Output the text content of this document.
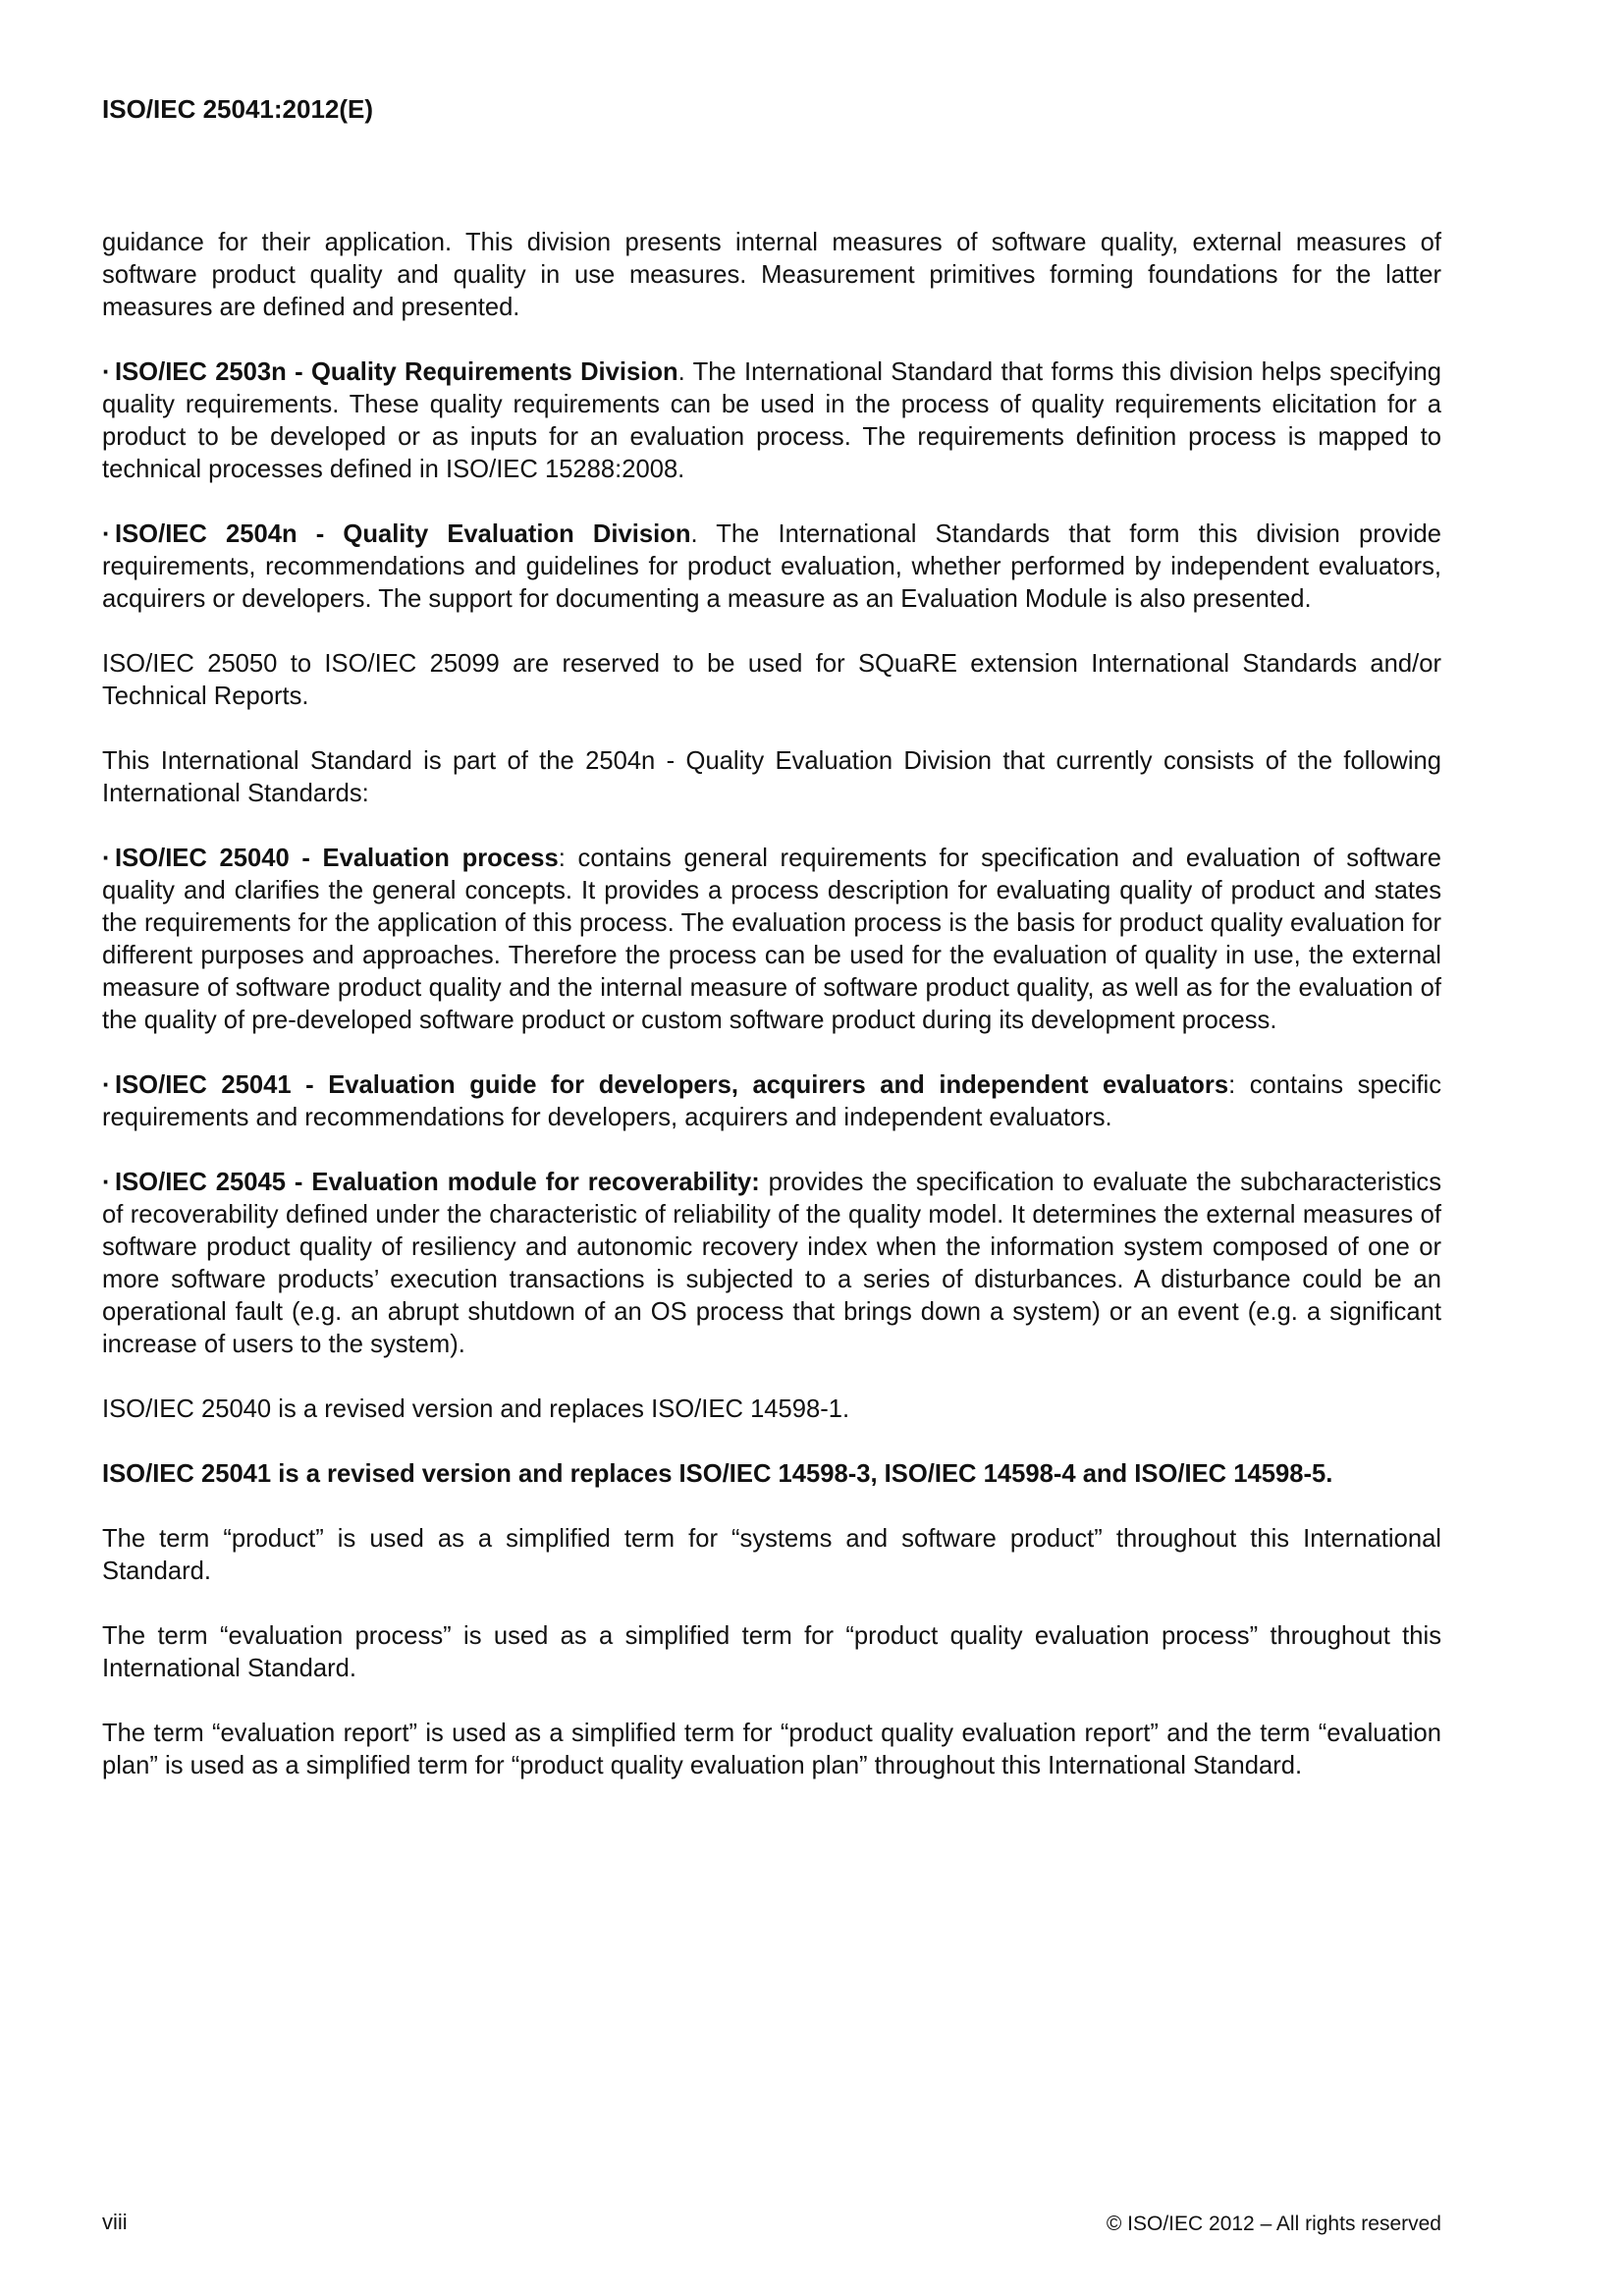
ISO/IEC 25041:2012(E)

guidance for their application. This division presents internal measures of software quality, external measures of software product quality and quality in use measures. Measurement primitives forming foundations for the latter measures are defined and presented.

· ISO/IEC 2503n - Quality Requirements Division. The International Standard that forms this division helps specifying quality requirements. These quality requirements can be used in the process of quality requirements elicitation for a product to be developed or as inputs for an evaluation process. The requirements definition process is mapped to technical processes defined in ISO/IEC 15288:2008.

· ISO/IEC 2504n - Quality Evaluation Division. The International Standards that form this division provide requirements, recommendations and guidelines for product evaluation, whether performed by independent evaluators, acquirers or developers. The support for documenting a measure as an Evaluation Module is also presented.

ISO/IEC 25050 to ISO/IEC 25099 are reserved to be used for SQuaRE extension International Standards and/or Technical Reports.

This International Standard is part of the 2504n - Quality Evaluation Division that currently consists of the following International Standards:

· ISO/IEC 25040 - Evaluation process: contains general requirements for specification and evaluation of software quality and clarifies the general concepts. It provides a process description for evaluating quality of product and states the requirements for the application of this process. The evaluation process is the basis for product quality evaluation for different purposes and approaches. Therefore the process can be used for the evaluation of quality in use, the external measure of software product quality and the internal measure of software product quality, as well as for the evaluation of the quality of pre-developed software product or custom software product during its development process.

· ISO/IEC 25041 - Evaluation guide for developers, acquirers and independent evaluators: contains specific requirements and recommendations for developers, acquirers and independent evaluators.

· ISO/IEC 25045 - Evaluation module for recoverability: provides the specification to evaluate the subcharacteristics of recoverability defined under the characteristic of reliability of the quality model. It determines the external measures of software product quality of resiliency and autonomic recovery index when the information system composed of one or more software products’ execution transactions is subjected to a series of disturbances. A disturbance could be an operational fault (e.g. an abrupt shutdown of an OS process that brings down a system) or an event (e.g. a significant increase of users to the system).

ISO/IEC 25040 is a revised version and replaces ISO/IEC 14598-1.

ISO/IEC 25041 is a revised version and replaces ISO/IEC 14598-3, ISO/IEC 14598-4 and ISO/IEC 14598-5.

The term “product” is used as a simplified term for “systems and software product” throughout this International Standard.

The term “evaluation process” is used as a simplified term for “product quality evaluation process” throughout this International Standard.

The term “evaluation report” is used as a simplified term for “product quality evaluation report” and the term “evaluation plan” is used as a simplified term for “product quality evaluation plan” throughout this International Standard.

viii	© ISO/IEC 2012 – All rights reserved
